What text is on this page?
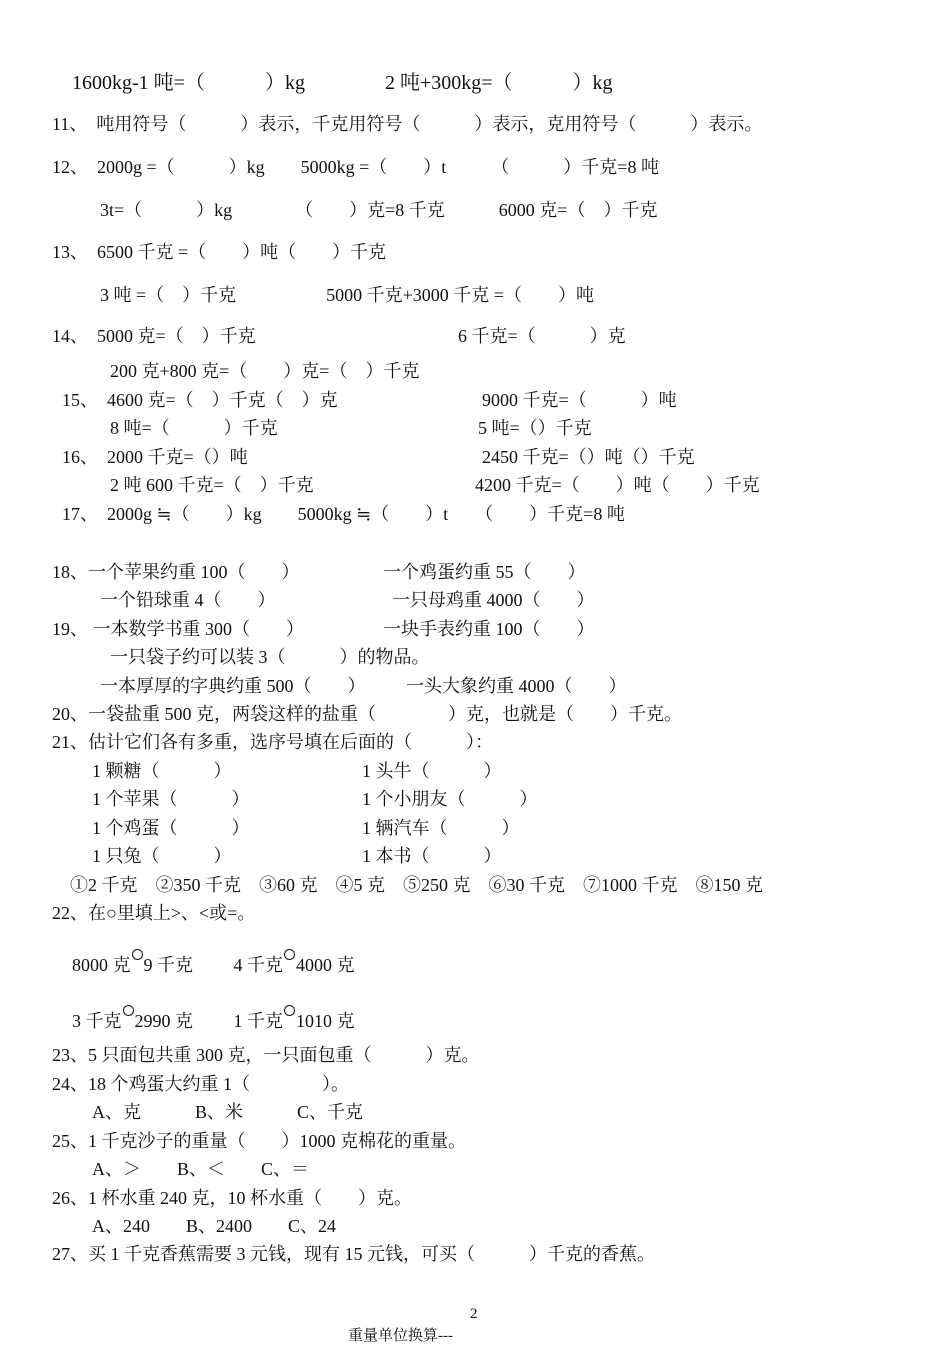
1600kg-1 吨=（　　　）kg　　　　2 吨+300kg=（　　　）kg
11、　吨用符号（　　　）表示，千克用符号（　　　）表示，克用符号（　　　）表示。
12、　2000g =（　　　）kg　　5000kg =（　　）t　　　（　　　）千克=8 吨
3t=（　　　）kg　　　　（　　）克=8 千克　　　6000 克=（　）千克
13、　6500 千克 =（　　）吨（　　）千克
3 吨 =（　）千克　　　　　5000 千克+3000 千克 =（　　）吨
14、　5000 克=（　）千克	6 千克=（　　　）克
200 克+800 克=（　　）克=（　）千克
15、　4600 克=（　）千克（　）克	9000 千克=（　　　）吨
8 吨=（　　　）千克	5 吨=（）千克
16、　2000 千克=（）吨	2450 千克=（）吨（）千克
2 吨 600 千克=（　）千克	4200 千克=（　　）吨（　　）千克
17、　2000g ≒（　　）kg　　5000kg ≒（　　）t　　（　　）千克=8 吨
18、一个苹果约重 100（　　）	一个鸡蛋约重 55（　　）
一个铅球重 4（　　）	一只母鸡重 4000（　　）
19、 一本数学书重 300（　　）	一块手表约重 100（　　）
一只袋子约可以装 3（　　　）的物品。
一本厚厚的字典约重 500（　　） 一头大象约重 4000（　　）
20、一袋盐重 500 克，两袋这样的盐重（　　　　）克，也就是（　　）千克。
21、估计它们各有多重，选序号填在后面的（　　　）：
1 颗糖（　　　）	1 头牛（　　　）
1 个苹果（　　　）	1 个小朋友（　　　）
1 个鸡蛋（　　　）	1 辆汽车（　　　）
1 只兔（　　　）	1 本书（　　　）
①2 千克　②350 千克　③60 克　④5 克　⑤250 克　⑥30 千克　⑦1000 千克　⑧150 克
22、在○里填上>、<或=。
8000 克 9 千克　　 4 千克 4000 克
3 千克 2990 克　　 1 千克 1010 克
23、5 只面包共重 300 克，一只面包重（　　　）克。
24、18 个鸡蛋大约重 1（　　　　）。
A、克　　　B、米　　　C、千克
25、1 千克沙子的重量（　　）1000 克棉花的重量。
A、＞　　B、＜　　C、＝
26、1 杯水重 240 克，10 杯水重（　　）克。
A、240　　B、2400　　C、24
27、买 1 千克香蕉需要 3 元钱，现有 15 元钱，可买（　　　）千克的香蕉。
2
重量单位换算---
